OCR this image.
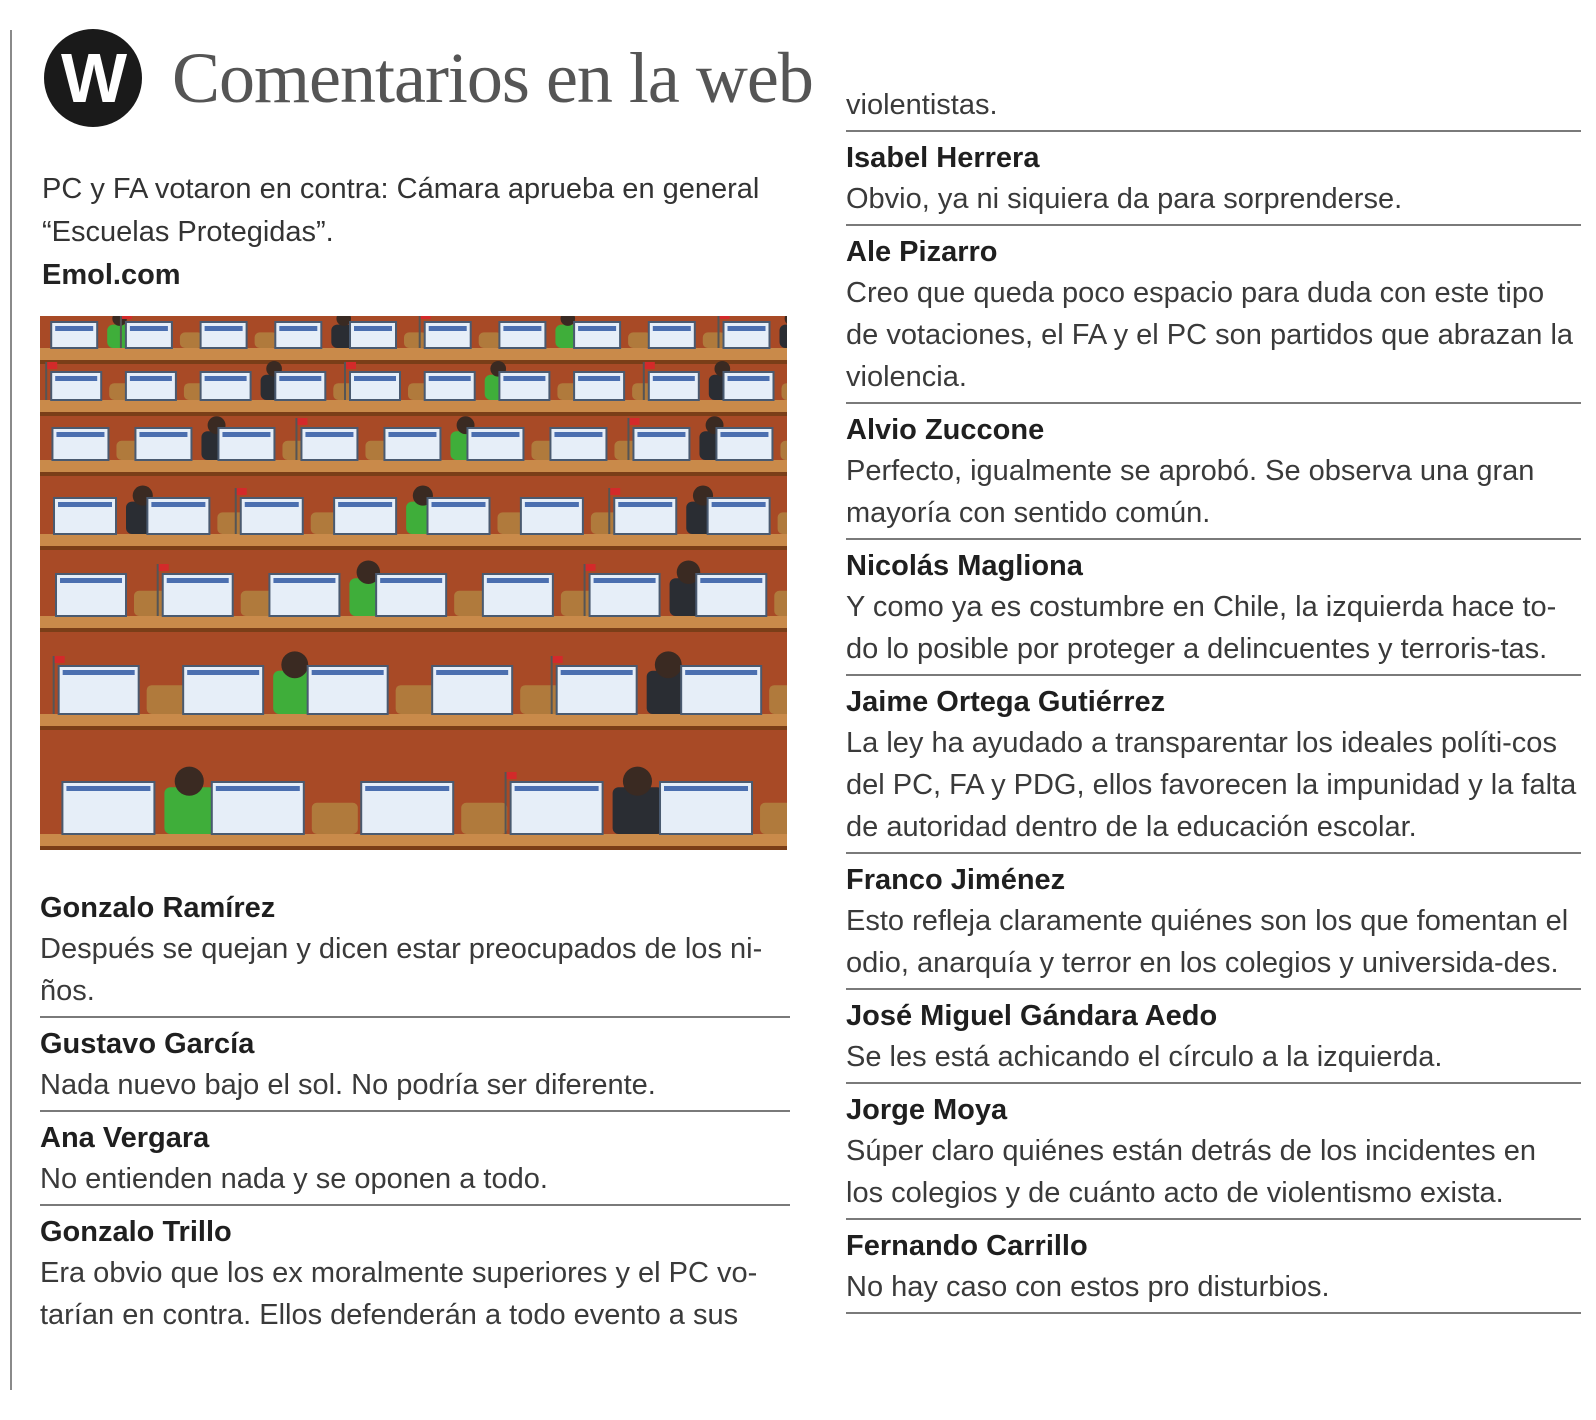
W Comentarios en la web
PC y FA votaron en contra: Cámara aprueba en general “Escuelas Protegidas”.
Emol.com
Gonzalo Ramírez
Después se quejan y dicen estar preocupados de los ni-ños.
Gustavo García
Nada nuevo bajo el sol. No podría ser diferente.
Ana Vergara
No entienden nada y se oponen a todo.
Gonzalo Trillo
Era obvio que los ex moralmente superiores y el PC vo-tarían en contra. Ellos defenderán a todo evento a sus
violentistas.
Isabel Herrera
Obvio, ya ni siquiera da para sorprenderse.
Ale Pizarro
Creo que queda poco espacio para duda con este tipo de votaciones, el FA y el PC son partidos que abrazan la violencia.
Alvio Zuccone
Perfecto, igualmente se aprobó. Se observa una gran mayoría con sentido común.
Nicolás Magliona
Y como ya es costumbre en Chile, la izquierda hace to-do lo posible por proteger a delincuentes y terroris-tas.
Jaime Ortega Gutiérrez
La ley ha ayudado a transparentar los ideales políti-cos del PC, FA y PDG, ellos favorecen la impunidad y la falta de autoridad dentro de la educación escolar.
Franco Jiménez
Esto refleja claramente quiénes son los que fomentan el odio, anarquía y terror en los colegios y universida-des.
José Miguel Gándara Aedo
Se les está achicando el círculo a la izquierda.
Jorge Moya
Súper claro quiénes están detrás de los incidentes en los colegios y de cuánto acto de violentismo exista.
Fernando Carrillo
No hay caso con estos pro disturbios.
